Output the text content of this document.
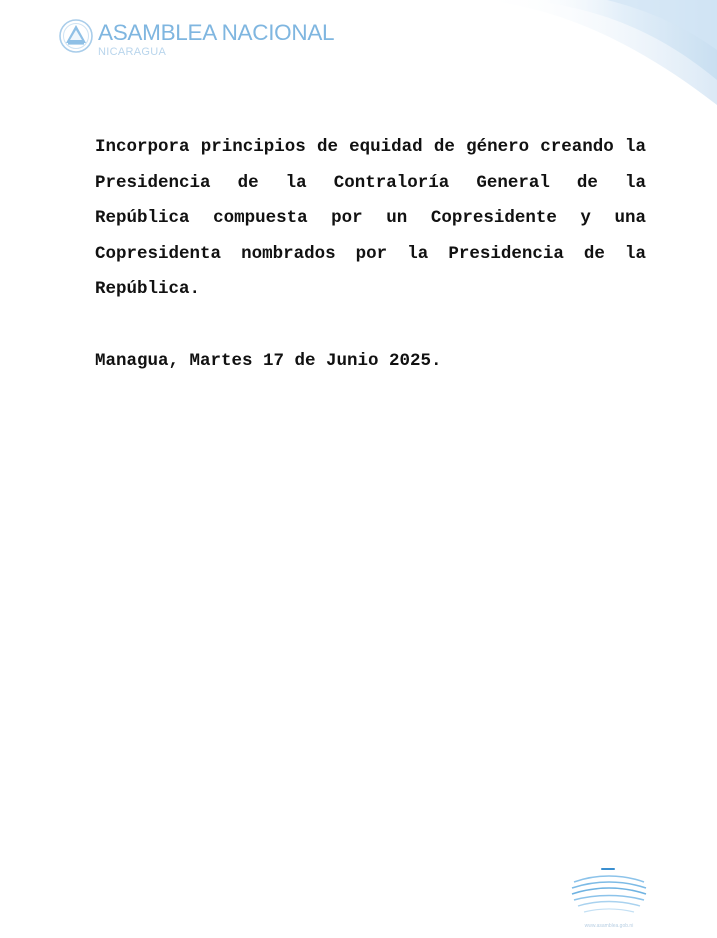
ASAMBLEA NACIONAL
NICARAGUA

Incorpora principios de equidad de género creando la Presidencia de la Contraloría General de la República compuesta por un Copresidente y una Copresidenta nombrados por la Presidencia de la República.

Managua, Martes 17 de Junio 2025.

www.asamblea.gob.ni
